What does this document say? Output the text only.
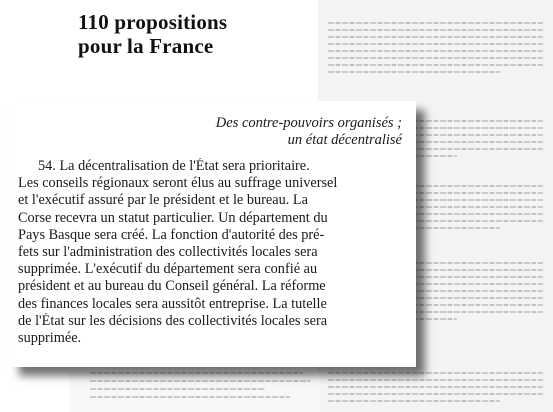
110 propositions
pour la France
Des contre-pouvoirs organisés ;
un état décentralisé
54. La décentralisation de l'État sera prioritaire.
Les conseils régionaux seront élus au suffrage universel
et l'exécutif assuré par le président et le bureau. La
Corse recevra un statut particulier. Un département du
Pays Basque sera créé. La fonction d'autorité des pré-
fets sur l'administration des collectivités locales sera
supprimée. L'exécutif du département sera confié au
président et au bureau du Conseil général. La réforme
des finances locales sera aussitôt entreprise. La tutelle
de l'État sur les décisions des collectivités locales sera
supprimée.
